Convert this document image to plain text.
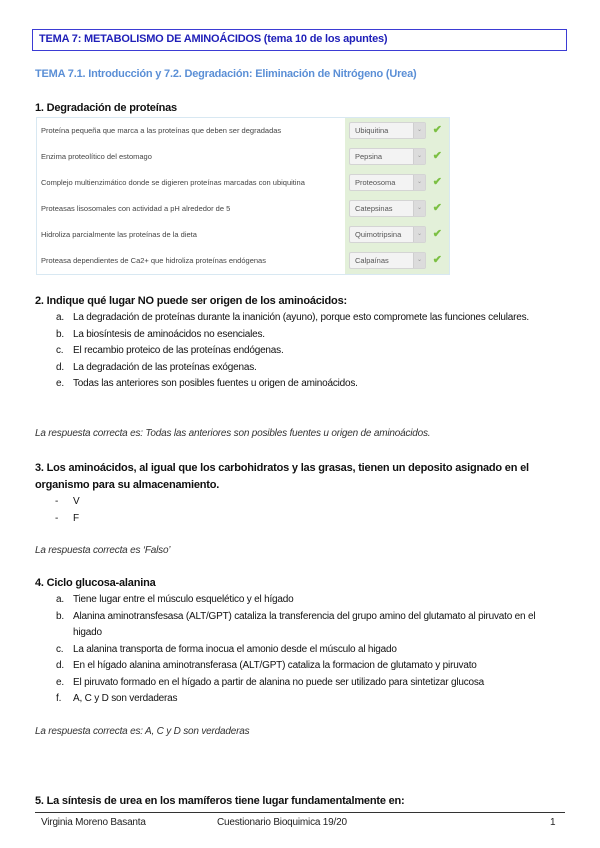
TEMA 7: METABOLISMO DE AMINOÁCIDOS (tema 10 de los apuntes)
TEMA 7.1. Introducción y 7.2. Degradación: Eliminación de Nitrógeno (Urea)
1. Degradación de proteínas
Proteína pequeña que marca a las proteínas que deben ser degradadas	Ubiquitina	⌄ ✔
Enzima proteolítico del estomago	Pepsina	⌄ ✔
Complejo multienzimático donde se digieren proteínas marcadas con ubiquitina	Proteosoma	⌄ ✔
Proteasas lisosomales con actividad a pH alrededor de 5	Catepsinas	⌄ ✔
Hidroliza parcialmente las proteínas de la dieta	Quimotripsina	⌄ ✔
Proteasa dependientes de Ca2+ que hidroliza proteínas endógenas	Calpaínas	⌄ ✔
2. Indique qué lugar NO puede ser origen de los aminoácidos:
a. La degradación de proteínas durante la inanición (ayuno), porque esto compromete las funciones celulares.
b. La biosíntesis de aminoácidos no esenciales.
c. El recambio proteico de las proteínas endógenas.
d. La degradación de las proteínas exógenas.
e. Todas las anteriores son posibles fuentes u origen de aminoácidos.
La respuesta correcta es: Todas las anteriores son posibles fuentes u origen de aminoácidos.
3. Los aminoácidos, al igual que los carbohidratos y las grasas, tienen un deposito asignado en el
organismo para su almacenamiento.
- V
- F
La respuesta correcta es ‘Falso’
4. Ciclo glucosa-alanina
a. Tiene lugar entre el músculo esquelético y el hígado
b. Alanina aminotransfesasa (ALT/GPT) cataliza la transferencia del grupo amino del glutamato al piruvato en el higado
c. La alanina transporta de forma inocua el amonio desde el músculo al higado
d. En el hígado alanina aminotransferasa (ALT/GPT) cataliza la formacion de glutamato y piruvato
e. El piruvato formado en el hígado a partir de alanina no puede ser utilizado para sintetizar glucosa
f. A, C y D son verdaderas
La respuesta correcta es: A, C y D son verdaderas
5. La síntesis de urea en los mamíferos tiene lugar fundamentalmente en:
Virginia Moreno Basanta	Cuestionario Bioquimica 19/20	1
